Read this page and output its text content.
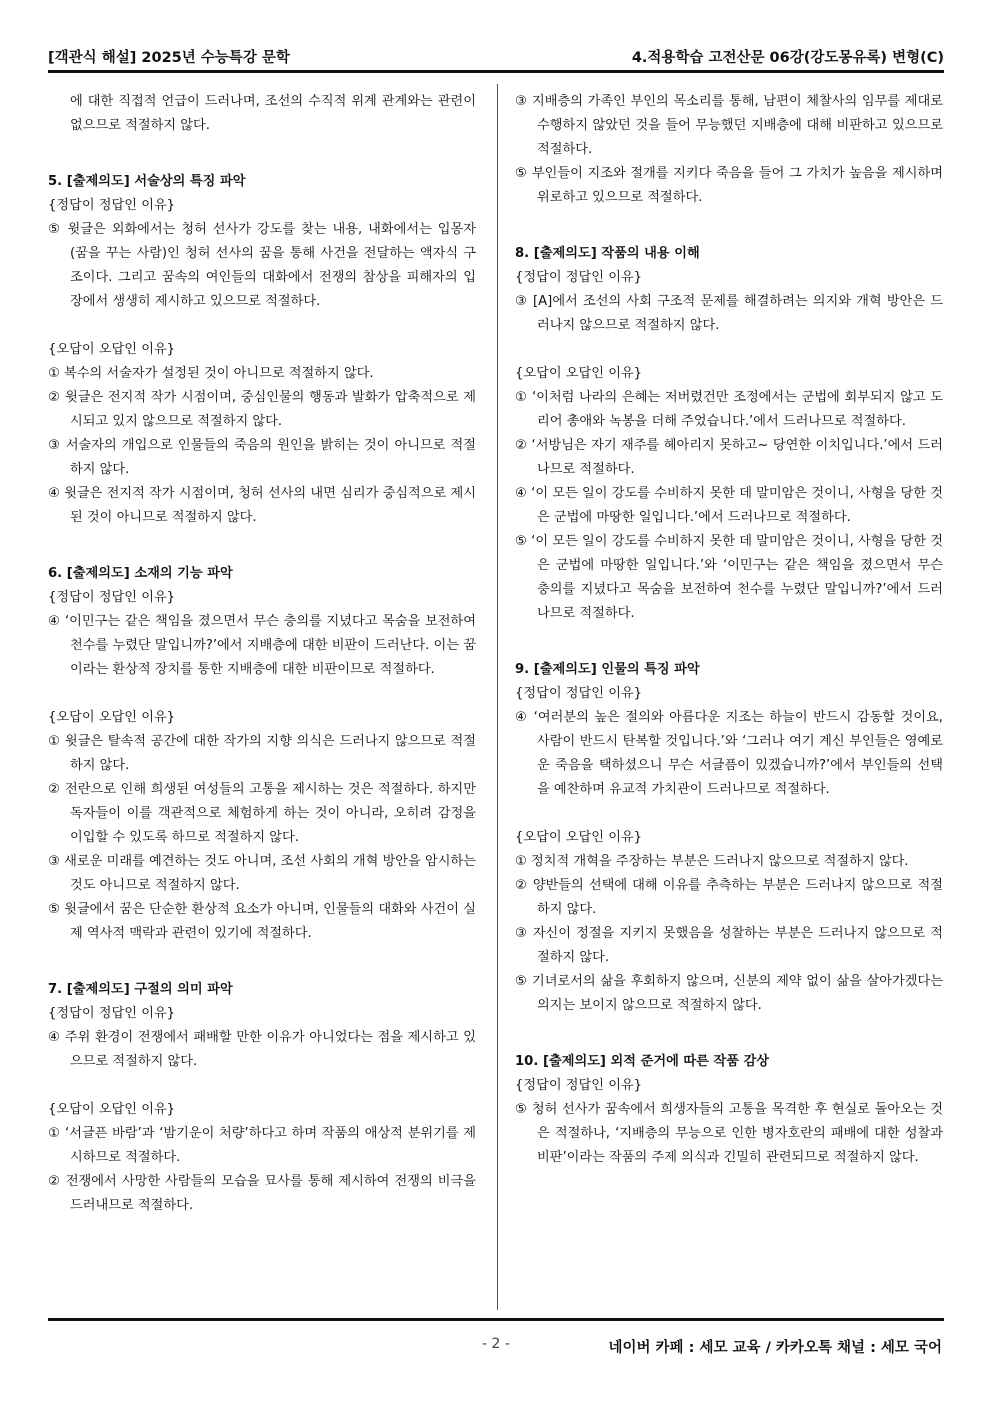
[객관식 해설] 2025년 수능특강 문학	4.적용학습 고전산문 06강(강도몽유록) 변형(C)

에 대한 직접적 언급이 드러나며, 조선의 수직적 위계 관계와는 관련이 없으므로 적절하지 않다.

5. [출제의도] 서술상의 특징 파악

{정답이 정답인 이유}

⑤ 윗글은 외화에서는 청허 선사가 강도를 찾는 내용, 내화에서는 입몽자(꿈을 꾸는 사람)인 청허 선사의 꿈을 통해 사건을 전달하는 액자식 구조이다. 그리고 꿈속의 여인들의 대화에서 전쟁의 참상을 피해자의 입장에서 생생히 제시하고 있으므로 적절하다.

{오답이 오답인 이유}

① 복수의 서술자가 설정된 것이 아니므로 적절하지 않다.

② 윗글은 전지적 작가 시점이며, 중심인물의 행동과 발화가 압축적으로 제시되고 있지 않으므로 적절하지 않다.

③ 서술자의 개입으로 인물들의 죽음의 원인을 밝히는 것이 아니므로 적절하지 않다.

④ 윗글은 전지적 작가 시점이며, 청허 선사의 내면 심리가 중심적으로 제시된 것이 아니므로 적절하지 않다.

6. [출제의도] 소재의 기능 파악

{정답이 정답인 이유}

④ ‘이민구는 같은 책임을 졌으면서 무슨 충의를 지녔다고 목숨을 보전하여 천수를 누렸단 말입니까?’에서 지배층에 대한 비판이 드러난다. 이는 꿈이라는 환상적 장치를 통한 지배층에 대한 비판이므로 적절하다.

{오답이 오답인 이유}

① 윗글은 탈속적 공간에 대한 작가의 지향 의식은 드러나지 않으므로 적절하지 않다.

② 전란으로 인해 희생된 여성들의 고통을 제시하는 것은 적절하다. 하지만 독자들이 이를 객관적으로 체험하게 하는 것이 아니라, 오히려 감정을 이입할 수 있도록 하므로 적절하지 않다.

③ 새로운 미래를 예견하는 것도 아니며, 조선 사회의 개혁 방안을 암시하는 것도 아니므로 적절하지 않다.

⑤ 윗글에서 꿈은 단순한 환상적 요소가 아니며, 인물들의 대화와 사건이 실제 역사적 맥락과 관련이 있기에 적절하다.

7. [출제의도] 구절의 의미 파악

{정답이 정답인 이유}

④ 주위 환경이 전쟁에서 패배할 만한 이유가 아니었다는 점을 제시하고 있으므로 적절하지 않다.

{오답이 오답인 이유}

① ‘서글픈 바람’과 ‘밤기운이 처량’하다고 하며 작품의 애상적 분위기를 제시하므로 적절하다.

② 전쟁에서 사망한 사람들의 모습을 묘사를 통해 제시하여 전쟁의 비극을 드러내므로 적절하다.

③ 지배층의 가족인 부인의 목소리를 통해, 남편이 체찰사의 임무를 제대로 수행하지 않았던 것을 들어 무능했던 지배층에 대해 비판하고 있으므로 적절하다.

⑤ 부인들이 지조와 절개를 지키다 죽음을 들어 그 가치가 높음을 제시하며 위로하고 있으므로 적절하다.

8. [출제의도] 작품의 내용 이해

{정답이 정답인 이유}

③ [A]에서 조선의 사회 구조적 문제를 해결하려는 의지와 개혁 방안은 드러나지 않으므로 적절하지 않다.

{오답이 오답인 이유}

① ‘이처럼 나라의 은혜는 저버렸건만 조정에서는 군법에 회부되지 않고 도리어 총애와 녹봉을 더해 주었습니다.’에서 드러나므로 적절하다.

② ‘서방님은 자기 재주를 헤아리지 못하고~ 당연한 이치입니다.’에서 드러나므로 적절하다.

④ ‘이 모든 일이 강도를 수비하지 못한 데 말미암은 것이니, 사형을 당한 것은 군법에 마땅한 일입니다.’에서 드러나므로 적절하다.

⑤ ‘이 모든 일이 강도를 수비하지 못한 데 말미암은 것이니, 사형을 당한 것은 군법에 마땅한 일입니다.’와 ‘이민구는 같은 책임을 졌으면서 무슨 충의를 지녔다고 목숨을 보전하여 천수를 누렸단 말입니까?’에서 드러나므로 적절하다.

9. [출제의도] 인물의 특징 파악

{정답이 정답인 이유}

④ ‘여러분의 높은 절의와 아름다운 지조는 하늘이 반드시 감동할 것이요, 사람이 반드시 탄복할 것입니다.’와 ‘그러나 여기 계신 부인들은 영예로운 죽음을 택하셨으니 무슨 서글픔이 있겠습니까?’에서 부인들의 선택을 예찬하며 유교적 가치관이 드러나므로 적절하다.

{오답이 오답인 이유}

① 정치적 개혁을 주장하는 부분은 드러나지 않으므로 적절하지 않다.

② 양반들의 선택에 대해 이유를 추측하는 부분은 드러나지 않으므로 적절하지 않다.

③ 자신이 정절을 지키지 못했음을 성찰하는 부분은 드러나지 않으므로 적절하지 않다.

⑤ 기녀로서의 삶을 후회하지 않으며, 신분의 제약 없이 삶을 살아가겠다는 의지는 보이지 않으므로 적절하지 않다.

10. [출제의도] 외적 준거에 따른 작품 감상

{정답이 정답인 이유}

⑤ 청허 선사가 꿈속에서 희생자들의 고통을 목격한 후 현실로 돌아오는 것은 적절하나, ‘지배층의 무능으로 인한 병자호란의 패배에 대한 성찰과 비판’이라는 작품의 주제 의식과 긴밀히 관련되므로 적절하지 않다.

- 2 -	네이버 카페 : 세모 교육 / 카카오톡 채널 : 세모 국어
